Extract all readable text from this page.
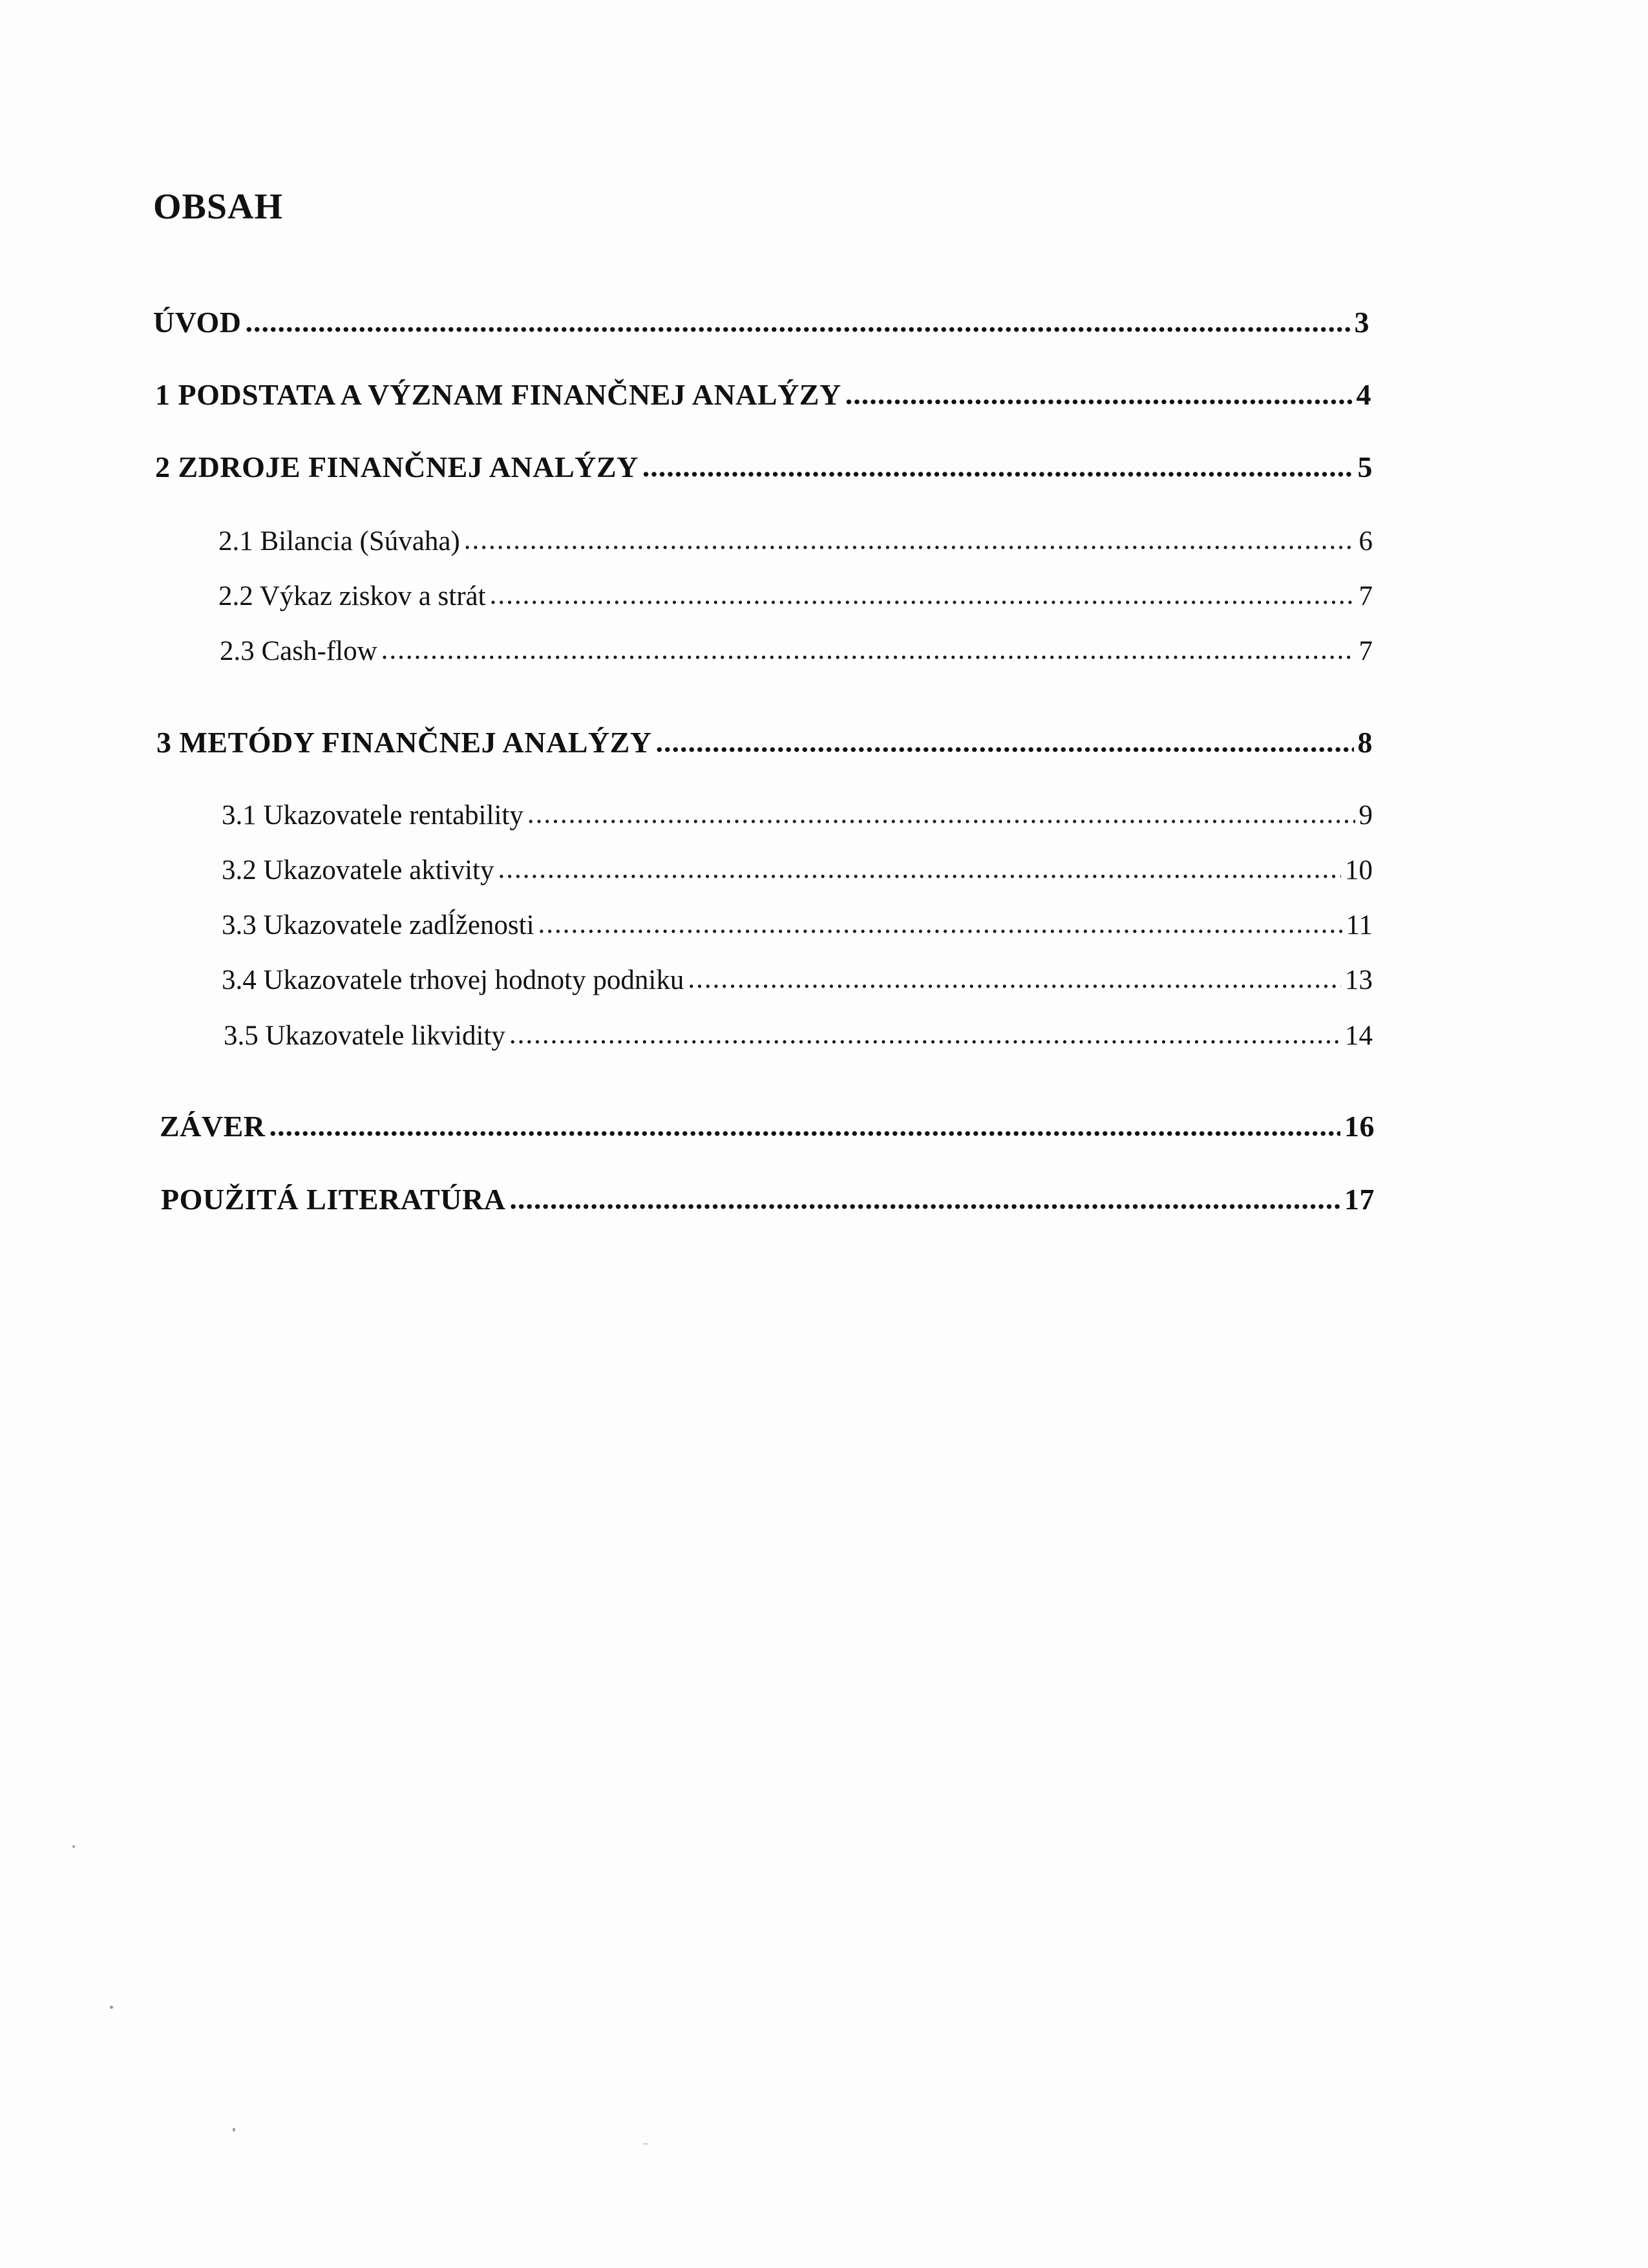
OBSAH
ÚVOD .....	3
1 PODSTATA A VÝZNAM FINANČNEJ ANALÝZY .....	4
2 ZDROJE FINANČNEJ ANALÝZY .....	5
2.1 Bilancia (Súvaha) .....	6
2.2 Výkaz ziskov a strát .....	7
2.3 Cash-flow .....	7
3 METÓDY FINANČNEJ ANALÝZY .....	8
3.1 Ukazovatele rentability .....	9
3.2 Ukazovatele aktivity .....	10
3.3 Ukazovatele zadĺženosti .....	11
3.4 Ukazovatele trhovej hodnoty podniku .....	13
3.5 Ukazovatele likvidity .....	14
ZÁVER .....	16
POUŽITÁ LITERATÚRA .....	17
